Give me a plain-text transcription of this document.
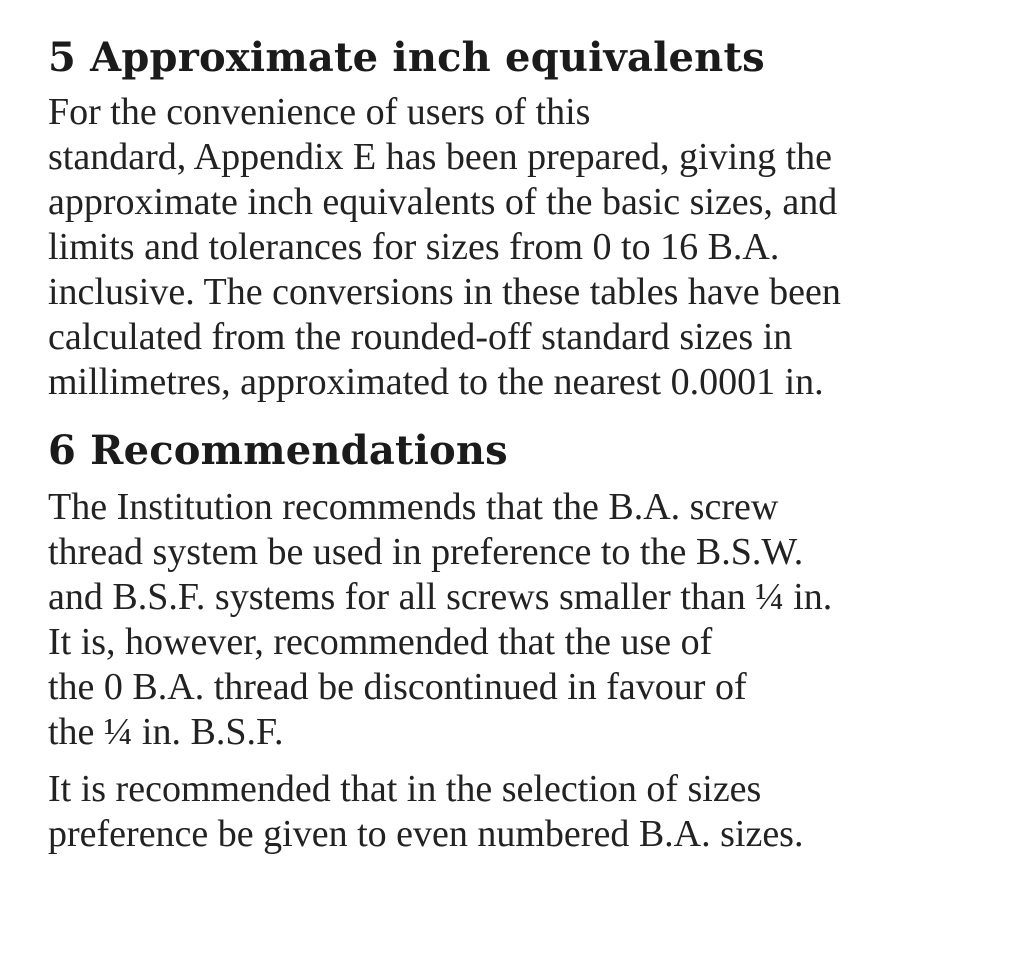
5 Approximate inch equivalents

For the convenience of users of this
standard, Appendix E has been prepared, giving the
approximate inch equivalents of the basic sizes, and
limits and tolerances for sizes from 0 to 16 B.A.
inclusive. The conversions in these tables have been
calculated from the rounded-off standard sizes in
millimetres, approximated to the nearest 0.0001 in.

6 Recommendations

The Institution recommends that the B.A. screw
thread system be used in preference to the B.S.W.
and B.S.F. systems for all screws smaller than ¼ in.
It is, however, recommended that the use of
the 0 B.A. thread be discontinued in favour of
the ¼ in. B.S.F.

It is recommended that in the selection of sizes
preference be given to even numbered B.A. sizes.
